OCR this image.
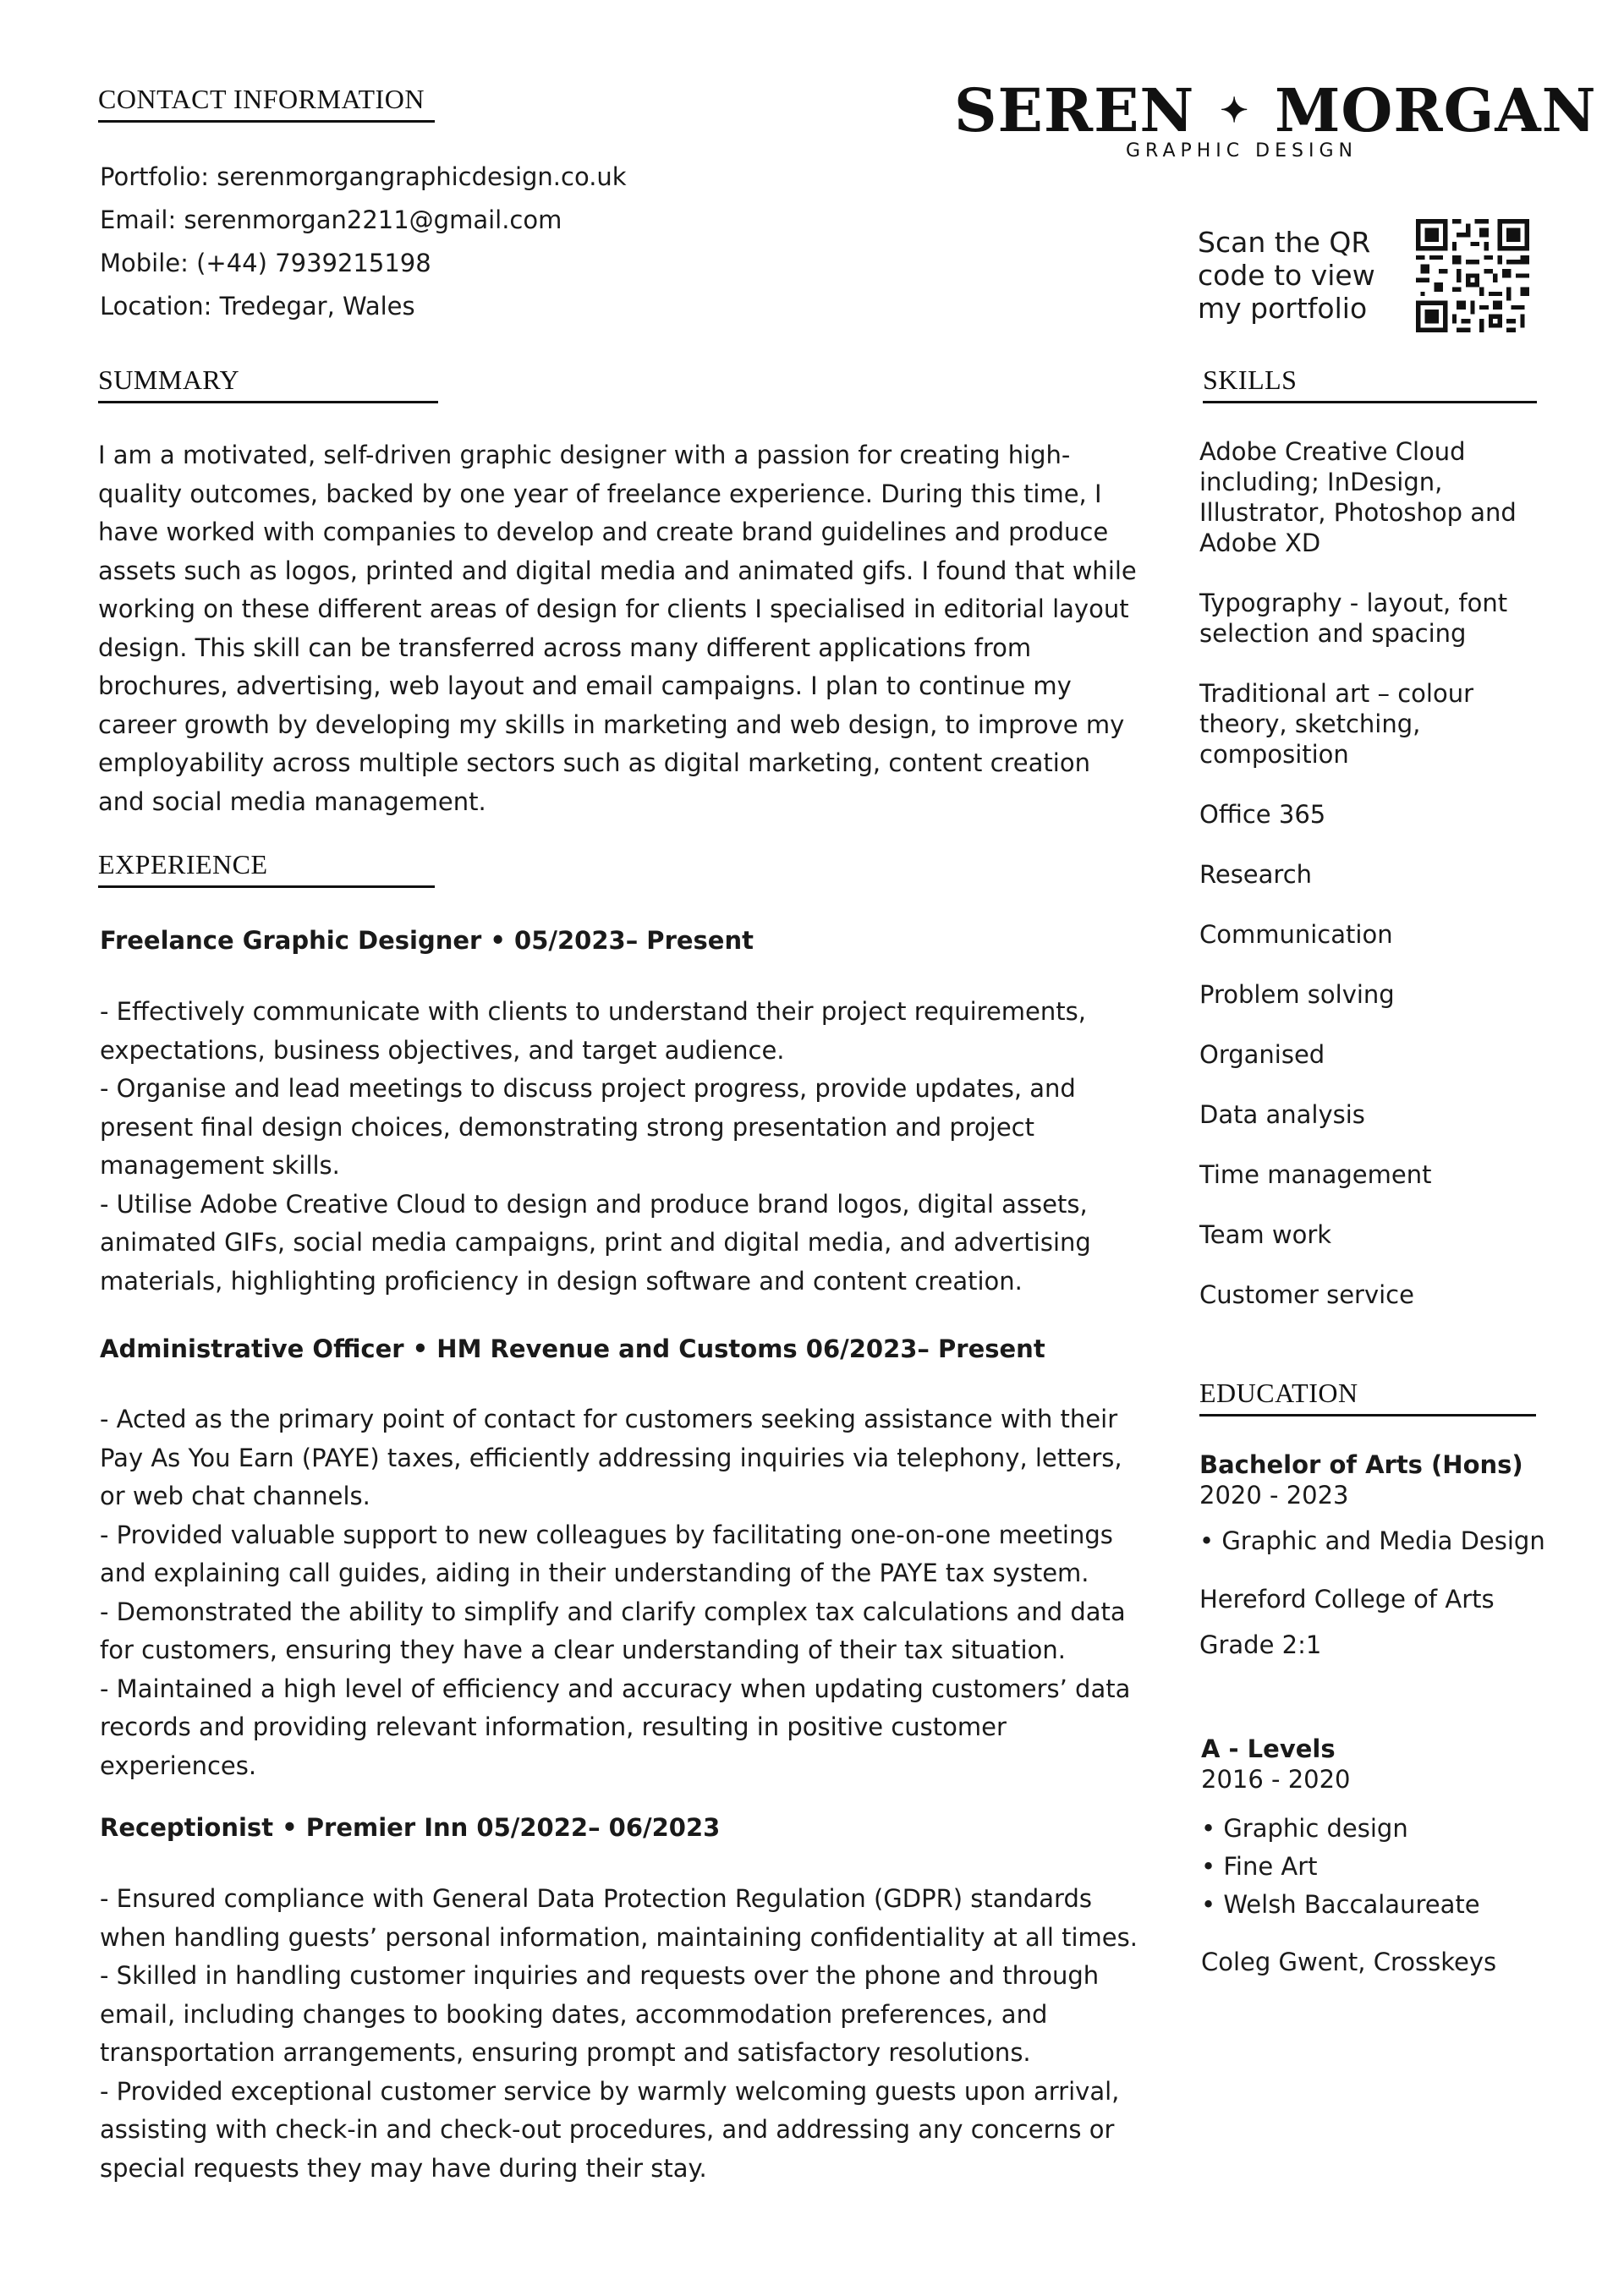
CONTACT INFORMATION
Portfolio: serenmorgangraphicdesign.co.uk
Email: serenmorgan2211@gmail.com
Mobile: (+44) 7939215198
Location: Tredegar, Wales
SEREN ✦ MORGAN
GRAPHIC DESIGN
Scan the QR
code to view
my portfolio
SUMMARY
I am a motivated, self-driven graphic designer with a passion for creating high-quality outcomes, backed by one year of freelance experience. During this time, I have worked with companies to develop and create brand guidelines and produce assets such as logos, printed and digital media and animated gifs. I found that while working on these different areas of design for clients I specialised in editorial layout design. This skill can be transferred across many different applications from brochures, advertising, web layout and email campaigns. I plan to continue my career growth by developing my skills in marketing and web design, to improve my employability across multiple sectors such as digital marketing, content creation and social media management.
EXPERIENCE
Freelance Graphic Designer • 05/2023– Present
- Effectively communicate with clients to understand their project requirements, expectations, business objectives, and target audience.
- Organise and lead meetings to discuss project progress, provide updates, and present final design choices, demonstrating strong presentation and project management skills.
- Utilise Adobe Creative Cloud to design and produce brand logos, digital assets, animated GIFs, social media campaigns, print and digital media, and advertising materials, highlighting proficiency in design software and content creation.
Administrative Officer • HM Revenue and Customs 06/2023– Present
- Acted as the primary point of contact for customers seeking assistance with their Pay As You Earn (PAYE) taxes, efficiently addressing inquiries via telephony, letters, or web chat channels.
- Provided valuable support to new colleagues by facilitating one-on-one meetings and explaining call guides, aiding in their understanding of the PAYE tax system.
- Demonstrated the ability to simplify and clarify complex tax calculations and data for customers, ensuring they have a clear understanding of their tax situation.
- Maintained a high level of efficiency and accuracy when updating customers’ data records and providing relevant information, resulting in positive customer experiences.
Receptionist • Premier Inn 05/2022– 06/2023
- Ensured compliance with General Data Protection Regulation (GDPR) standards when handling guests’ personal information, maintaining confidentiality at all times.
- Skilled in handling customer inquiries and requests over the phone and through email, including changes to booking dates, accommodation preferences, and transportation arrangements, ensuring prompt and satisfactory resolutions.
- Provided exceptional customer service by warmly welcoming guests upon arrival, assisting with check-in and check-out procedures, and addressing any concerns or special requests they may have during their stay.
SKILLS
Adobe Creative Cloud including; InDesign, Illustrator, Photoshop and Adobe XD
Typography - layout, font selection and spacing
Traditional art – colour theory, sketching, composition
Office 365
Research
Communication
Problem solving
Organised
Data analysis
Time management
Team work
Customer service
EDUCATION
Bachelor of Arts (Hons)
2020 - 2023
• Graphic and Media Design
Hereford College of Arts
Grade 2:1
A - Levels
2016 - 2020
• Graphic design
• Fine Art
• Welsh Baccalaureate
Coleg Gwent, Crosskeys
